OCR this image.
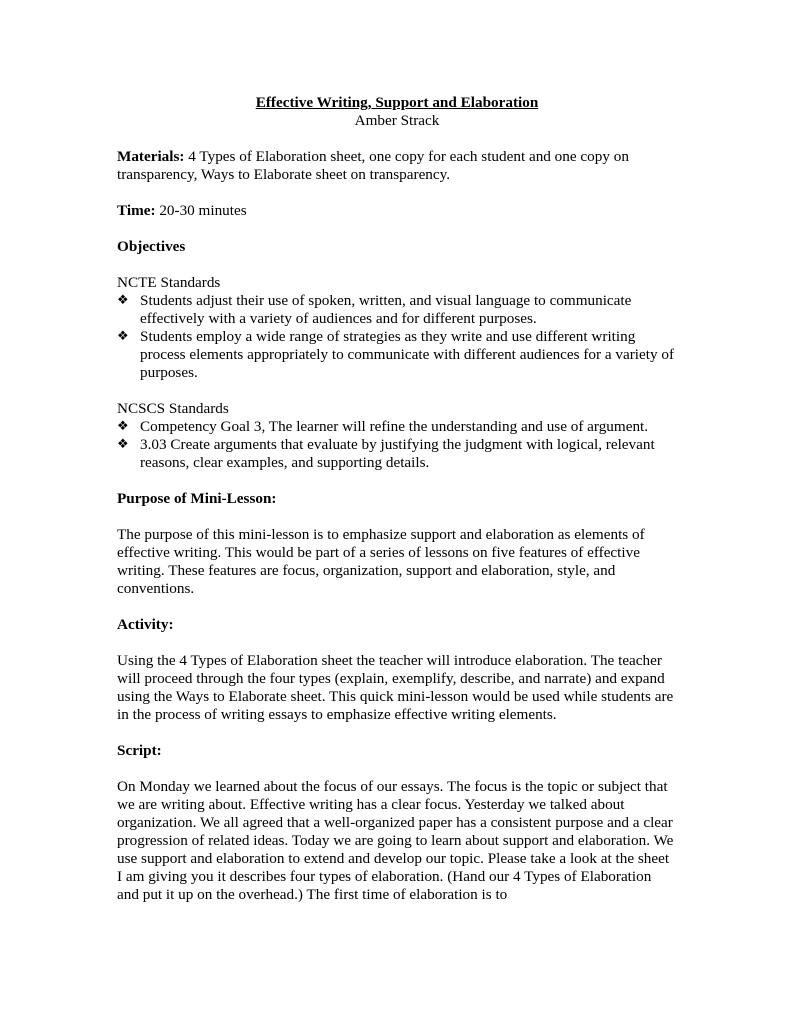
Effective Writing, Support and Elaboration

Amber Strack

Materials: 4 Types of Elaboration sheet, one copy for each student and one copy on transparency, Ways to Elaborate sheet on transparency.

Time: 20-30 minutes

Objectives

NCTE Standards

❖ Students adjust their use of spoken, written, and visual language to communicate effectively with a variety of audiences and for different purposes.
❖ Students employ a wide range of strategies as they write and use different writing process elements appropriately to communicate with different audiences for a variety of purposes.

NCSCS Standards

❖ Competency Goal 3, The learner will refine the understanding and use of argument.
❖ 3.03 Create arguments that evaluate by justifying the judgment with logical, relevant reasons, clear examples, and supporting details.

Purpose of Mini-Lesson:

The purpose of this mini-lesson is to emphasize support and elaboration as elements of effective writing. This would be part of a series of lessons on five features of effective writing. These features are focus, organization, support and elaboration, style, and conventions.

Activity:

Using the 4 Types of Elaboration sheet the teacher will introduce elaboration. The teacher will proceed through the four types (explain, exemplify, describe, and narrate) and expand using the Ways to Elaborate sheet. This quick mini-lesson would be used while students are in the process of writing essays to emphasize effective writing elements.

Script:

On Monday we learned about the focus of our essays. The focus is the topic or subject that we are writing about. Effective writing has a clear focus. Yesterday we talked about organization. We all agreed that a well-organized paper has a consistent purpose and a clear progression of related ideas. Today we are going to learn about support and elaboration. We use support and elaboration to extend and develop our topic. Please take a look at the sheet I am giving you it describes four types of elaboration. (Hand our 4 Types of Elaboration and put it up on the overhead.) The first time of elaboration is to
